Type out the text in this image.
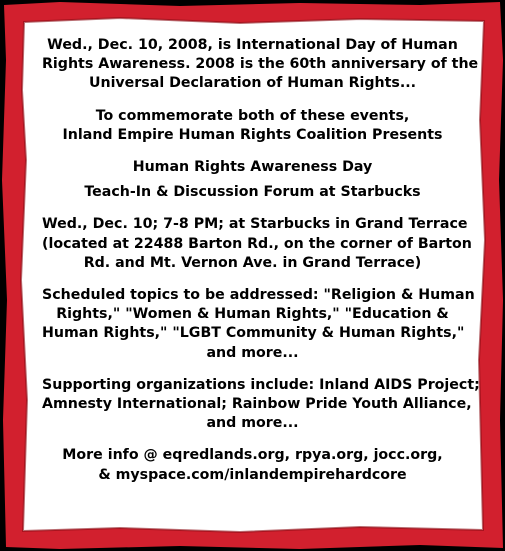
Wed., Dec. 10, 2008, is International Day of Human
Rights Awareness. 2008 is the 60th anniversary of the
Universal Declaration of Human Rights...
To commemorate both of these events,
Inland Empire Human Rights Coalition Presents
Human Rights Awareness Day
Teach-In & Discussion Forum at Starbucks
Wed., Dec. 10; 7-8 PM; at Starbucks in Grand Terrace
(located at 22488 Barton Rd., on the corner of Barton
Rd. and Mt. Vernon Ave. in Grand Terrace)
Scheduled topics to be addressed: "Religion & Human
Rights," "Women & Human Rights," "Education &
Human Rights," "LGBT Community & Human Rights,"
and more...
Supporting organizations include: Inland AIDS Project;
Amnesty International; Rainbow Pride Youth Alliance,
and more...
More info @ eqredlands.org, rpya.org, jocc.org,
& myspace.com/inlandempirehardcore
